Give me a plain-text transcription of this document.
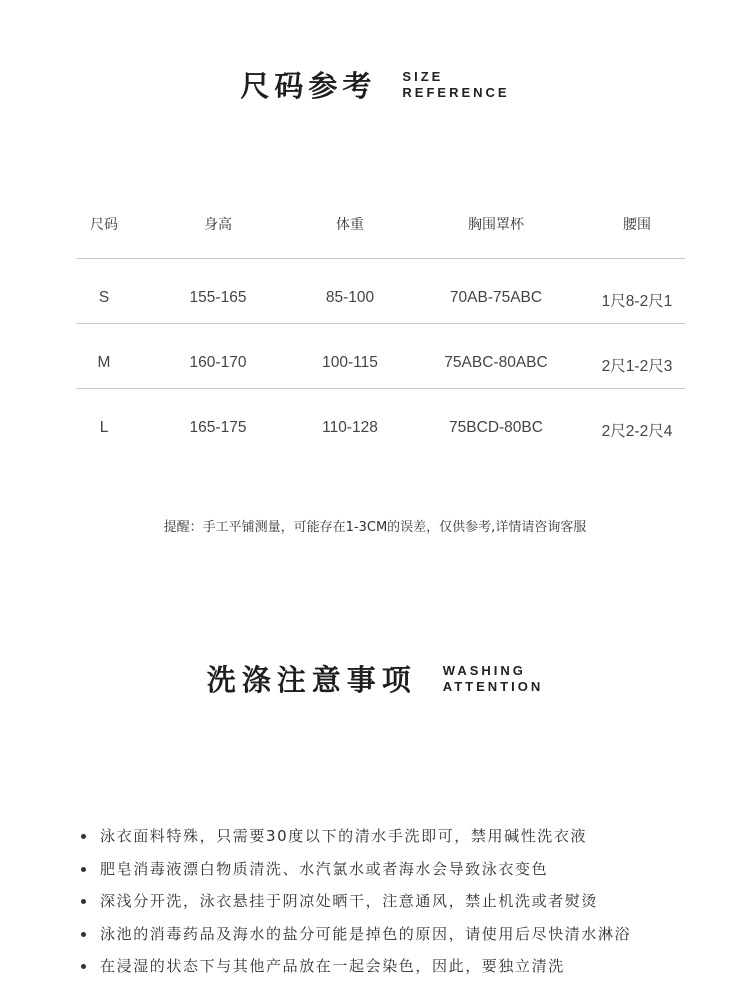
尺码参考 SIZE
REFERENCE
尺码	身高	体重	胸围罩杯	腰围
S	155-165	85-100	70AB-75ABC	1尺8-2尺1
M	160-170	100-115	75ABC-80ABC	2尺1-2尺3
L	165-175	110-128	75BCD-80BC	2尺2-2尺4
提醒：手工平铺测量，可能存在1-3CM的误差，仅供参考,详情请咨询客服
洗涤注意事项 WASHING
ATTENTION
泳衣面料特殊，只需要30度以下的清水手洗即可，禁用碱性洗衣液
肥皂消毒液漂白物质清洗、水汽氯水或者海水会导致泳衣变色
深浅分开洗，泳衣悬挂于阴凉处晒干，注意通风，禁止机洗或者熨烫
泳池的消毒药品及海水的盐分可能是掉色的原因，请使用后尽快清水淋浴
在浸湿的状态下与其他产品放在一起会染色，因此，要独立清洗
